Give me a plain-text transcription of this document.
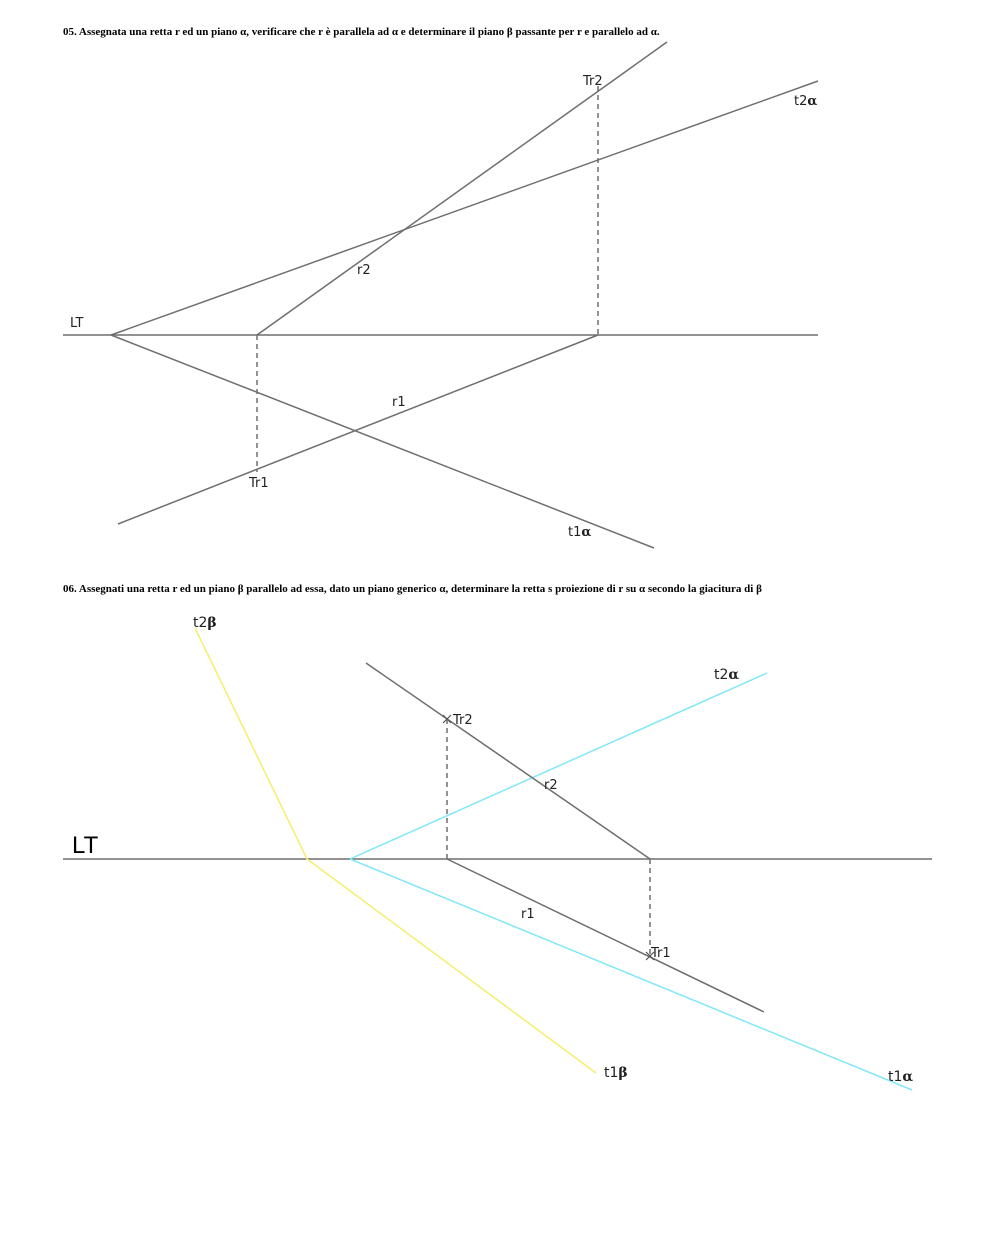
05. Assegnata una retta r ed un piano α, verificare che r è parallela ad α e determinare il piano β passante per r e parallelo ad α.

06. Assegnati una retta r ed un piano β parallelo ad essa, dato un piano generico α, determinare la retta s proiezione di r su α secondo la giacitura di β

LT
Tr2
r2
r1
Tr1
t2α
t1α
LT
Tr2
r2
r1
Tr1
t2β
t2α
t1β	t1α
